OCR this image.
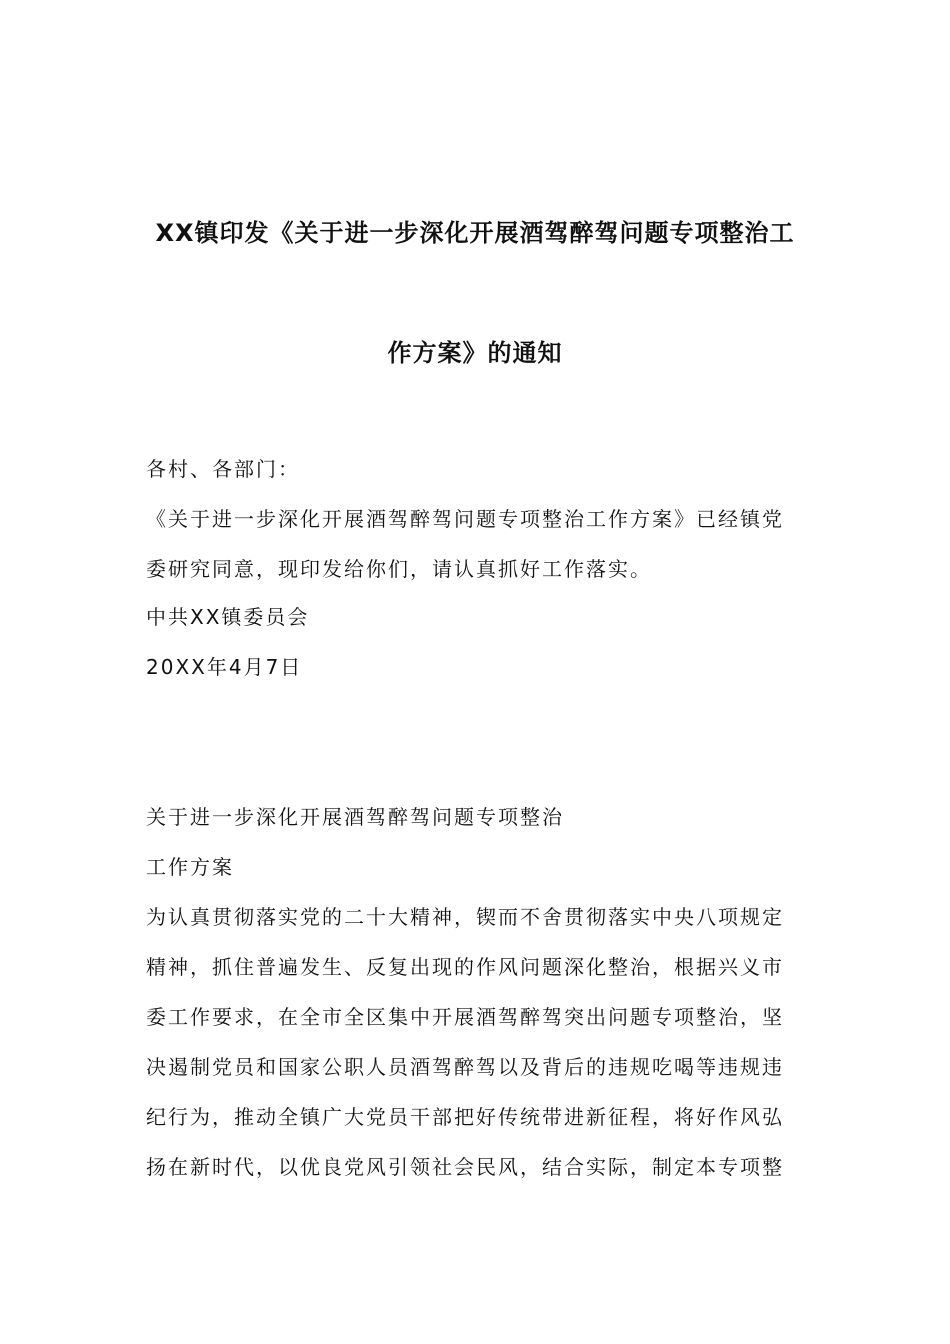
XX镇印发《关于进一步深化开展酒驾醉驾问题专项整治工
作方案》的通知
各村、各部门：
《关于进一步深化开展酒驾醉驾问题专项整治工作方案》已经镇党
委研究同意，现印发给你们，请认真抓好工作落实。
中共XX镇委员会
20XX年4月7日
关于进一步深化开展酒驾醉驾问题专项整治
工作方案
为认真贯彻落实党的二十大精神，锲而不舍贯彻落实中央八项规定
精神，抓住普遍发生、反复出现的作风问题深化整治，根据兴义市
委工作要求，在全市全区集中开展酒驾醉驾突出问题专项整治，坚
决遏制党员和国家公职人员酒驾醉驾以及背后的违规吃喝等违规违
纪行为，推动全镇广大党员干部把好传统带进新征程，将好作风弘
扬在新时代，以优良党风引领社会民风，结合实际，制定本专项整
